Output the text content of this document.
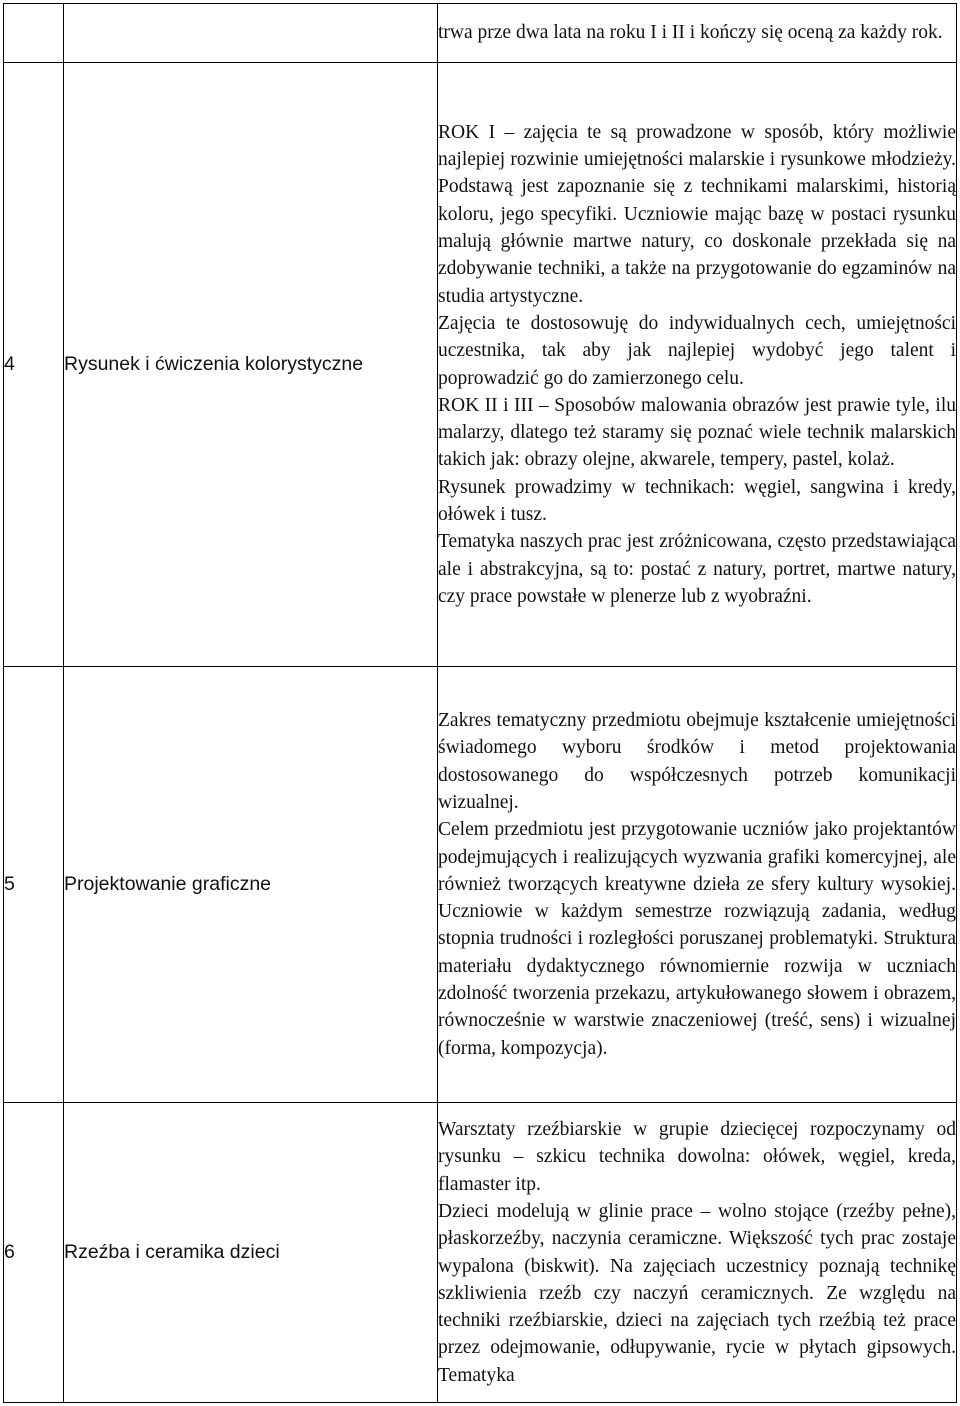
		trwa prze dwa lata na roku I i II i kończy się oceną za każdy rok.

4	Rysunek i ćwiczenia kolorystyczne	ROK I – zajęcia te są prowadzone w sposób, który możliwie najlepiej rozwinie umiejętności malarskie i rysunkowe młodzieży. Podstawą jest zapoznanie się z technikami malarskimi, historią koloru, jego specyfiki. Uczniowie mając bazę w postaci rysunku malują głównie martwe natury, co doskonale przekłada się na zdobywanie techniki, a także na przygotowanie do egzaminów na studia artystyczne.

Zajęcia te dostosowuję do indywidualnych cech, umiejętności uczestnika, tak aby jak najlepiej wydobyć jego talent i poprowadzić go do zamierzonego celu.

ROK II i III – Sposobów malowania obrazów jest prawie tyle, ilu malarzy, dlatego też staramy się poznać wiele technik malarskich takich jak: obrazy olejne, akwarele, tempery, pastel, kolaż.

Rysunek prowadzimy w technikach: węgiel, sangwina i kredy, ołówek i tusz.

Tematyka naszych prac jest zróżnicowana, często przedstawiająca ale i abstrakcyjna, są to: postać z natury, portret, martwe natury, czy prace powstałe w plenerze lub z wyobraźni.

5	Projektowanie graficzne	Zakres tematyczny przedmiotu obejmuje kształcenie umiejętności świadomego wyboru środków i metod projektowania dostosowanego do współczesnych potrzeb komunikacji wizualnej.

Celem przedmiotu jest przygotowanie uczniów jako projektantów podejmujących i realizujących wyzwania grafiki komercyjnej, ale również tworzących kreatywne dzieła ze sfery kultury wysokiej. Uczniowie w każdym semestrze rozwiązują zadania, według stopnia trudności i rozległości poruszanej problematyki. Struktura materiału dydaktycznego równomiernie rozwija w uczniach zdolność tworzenia przekazu, artykułowanego słowem i obrazem, równocześnie w warstwie znaczeniowej (treść, sens) i wizualnej (forma, kompozycja).

6	Rzeźba i ceramika dzieci	Warsztaty rzeźbiarskie w grupie dziecięcej rozpoczynamy od rysunku – szkicu technika dowolna: ołówek, węgiel, kreda, flamaster itp.

Dzieci modelują w glinie prace – wolno stojące (rzeźby pełne), płaskorzeźby, naczynia ceramiczne. Większość tych prac zostaje wypalona (biskwit). Na zajęciach uczestnicy poznają technikę szkliwienia rzeźb czy naczyń ceramicznych. Ze względu na techniki rzeźbiarskie, dzieci na zajęciach tych rzeźbią też prace przez odejmowanie, odłupywanie, rycie w płytach gipsowych. Tematyka
